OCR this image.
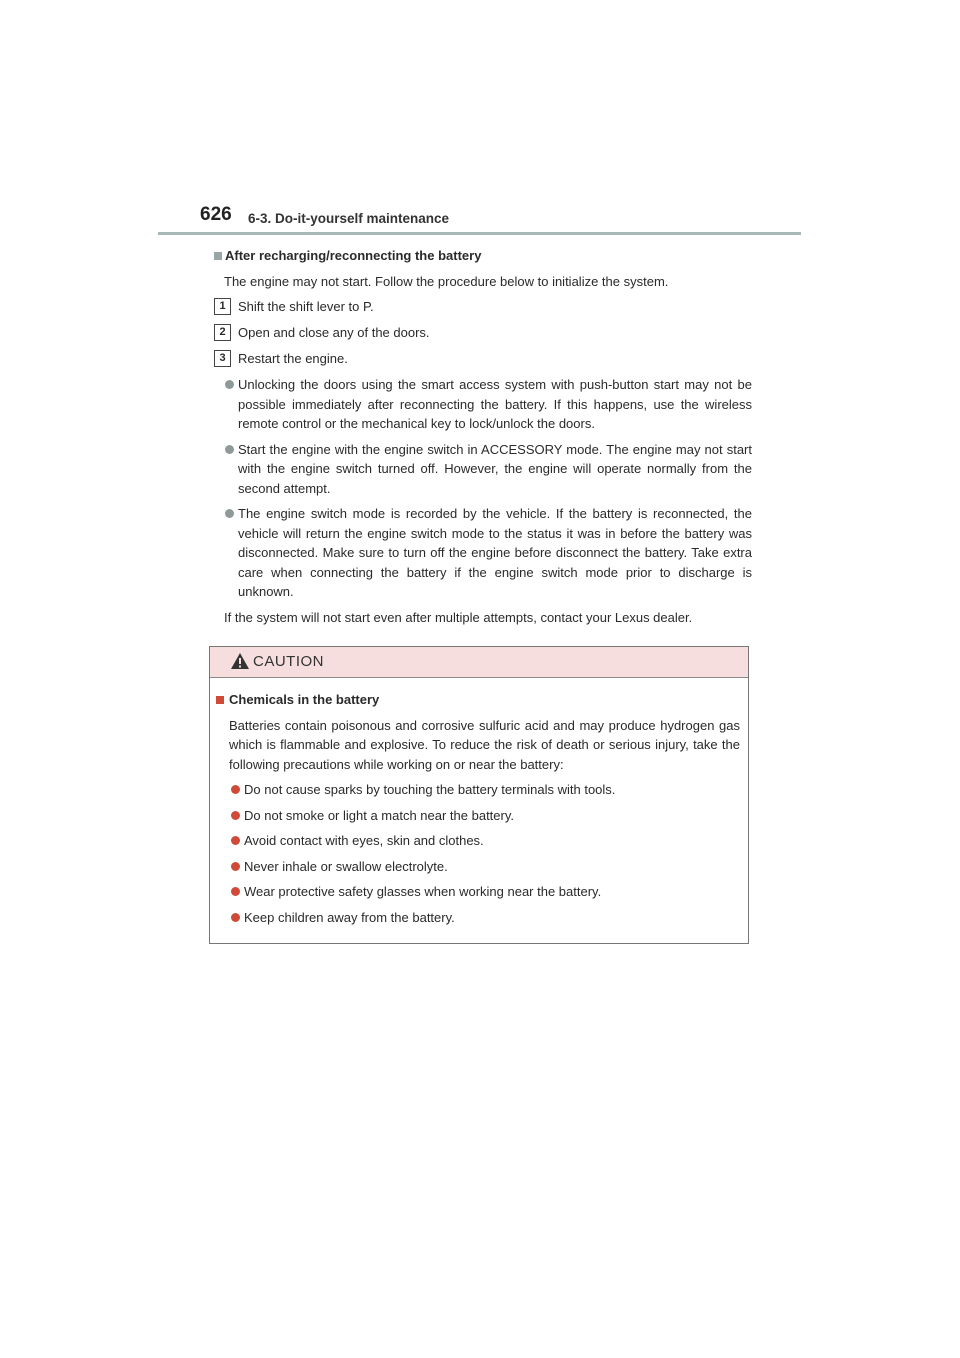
626 6-3. Do-it-yourself maintenance
After recharging/reconnecting the battery
The engine may not start. Follow the procedure below to initialize the system.
1 Shift the shift lever to P.
2 Open and close any of the doors.
3 Restart the engine.
Unlocking the doors using the smart access system with push-button start may not be possible immediately after reconnecting the battery. If this happens, use the wireless remote control or the mechanical key to lock/unlock the doors.
Start the engine with the engine switch in ACCESSORY mode. The engine may not start with the engine switch turned off. However, the engine will operate normally from the second attempt.
The engine switch mode is recorded by the vehicle. If the battery is reconnected, the vehicle will return the engine switch mode to the status it was in before the battery was disconnected. Make sure to turn off the engine before disconnect the battery. Take extra care when connecting the battery if the engine switch mode prior to discharge is unknown.
If the system will not start even after multiple attempts, contact your Lexus dealer.
CAUTION
Chemicals in the battery
Batteries contain poisonous and corrosive sulfuric acid and may produce hydrogen gas which is flammable and explosive. To reduce the risk of death or serious injury, take the following precautions while working on or near the battery:
Do not cause sparks by touching the battery terminals with tools.
Do not smoke or light a match near the battery.
Avoid contact with eyes, skin and clothes.
Never inhale or swallow electrolyte.
Wear protective safety glasses when working near the battery.
Keep children away from the battery.
